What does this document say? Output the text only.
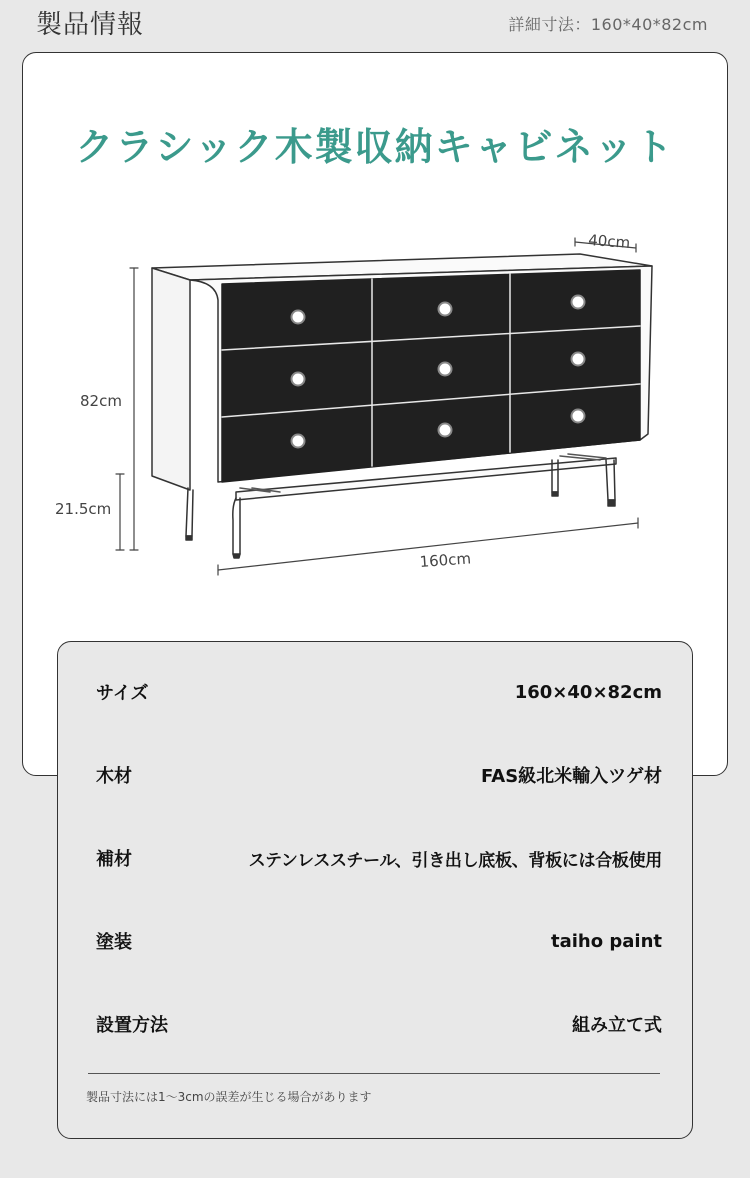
製品情報	詳細寸法：160*40*82cm
クラシック木製収納キャビネット
40cm
82cm
21.5cm
160cm
サイズ	160×40×82cm
木材	FAS級北米輸入ツゲ材
補材	ステンレススチール、引き出し底板、背板には合板使用
塗装	taiho paint
設置方法	組み立て式
製品寸法には1～3cmの誤差が生じる場合があります
